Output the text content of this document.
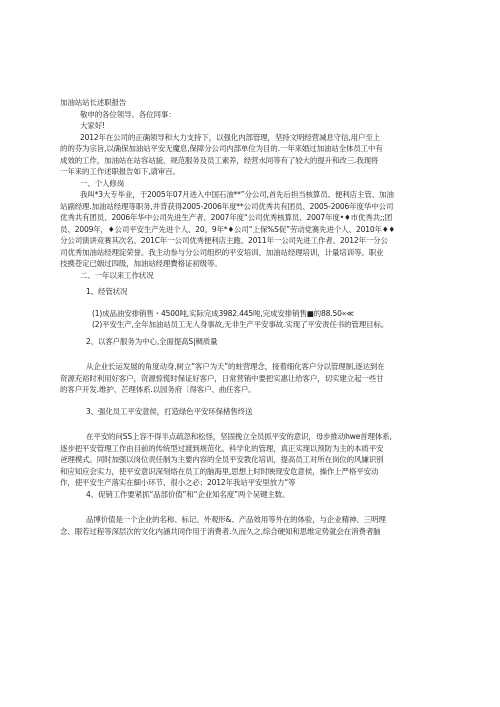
加油站站长述职报告
敬申的各位领导、各位同事：
大家好!
2012年在公司的正确领导和大力支持下，以强化内部管理，坚持文明经营减息守信,用户至上
的的芬为宗旨,以确保加油站平安无魔息,保障分公司内部单位为目的.一年来婚过加油站全体员工中有
成效的工作，加油站在站容站貌、规范服务及员工素养，经营水同等有了较大的提升和改三.我现将
一年来的工作述职报告如下,请审百。
一、个人修岗
我叫*3大专毕业，于2005年07月进入中国石油**”分公司,首先后担当核算员、便利店主管、加油
站副经理.加油站经理等职务,并背获得2005-2006年度**公司优秀共有团员、2005-2006年度华中公司
优秀共有团员、2006年华中公司先进生产者、2007年度“公司优秀核算员、2007年度•♦市优秀共;;团
员、2009年，♦公司平安生产先进个人、20。9年*♦公司“上保%S促”劳动党赛先进个人、2010年♦♦
分公司演讲竞赛其次名、201C年一公司优秀便利店主跑、2011年一公司先进工作者、2012年一分公
司优秀加油站经理淀荣誉。我主动参与分公司组织的平安培训、加油站经理培训，计量培训等。职业
技携苍定已姻过四级，加油站经理費格证初级等。
二、一年以来工作状况
1、经管状况
(1)成品油安排销售・4500吨,实际完成3982.445吨,完成安排销售■的88.50«≪
(2)平安生产,全年加油站员工无人身事故,无非生产平安事故.实现了平安责任书的管理目标。
2、以客户服务为中心,全面提高S|稠质量
从企业长运发展的角度动身,树立“客户为天”的蛀营理念，接着细化客户分以管理制,逐达到在
资源充裕时利用好客户，资源惊慌时保证好客户，日常营销中要把实惠让给客户，切实建立起一些甘
的客户开发.维护、芒理体系.以园务府〔得客户、曲任客户。
3、强化员工平安意侯，打造绿色平安环保楮售终送
在平安的问SS上容不得半点疏忽和松怪，坚固挽立全员抓平安的意识，母步推动hwe首理体系,
逐步把平安管理工作由目前的传统型过渡到规范化、科学化的管理，真正实现以预防为主的本质平安
爸理模式。同时加强以岗位责任制为主要内容的全员平安教化培训，提高员工对所在岗位的风嫌识别
和应知应会实力，使平安意识深刻烙在员工的脑海里,思想上时时映现安危意侯，操作上严格平安动
作，使平安生产落实在細小环节、很小之必；2012年我站平安里放力“等
4、促销工作要紧抓“品部价值”和“企业知名度”两个吴键主数。
品博价值是一个企业的名称、标记、外观形&、产品效用等外在的体验，与企业精神、三明理
念、眼若过程等深层次的文化内涵共同作用于消费者.久而久之,综合硬知和思维定势就会在消费者脑
